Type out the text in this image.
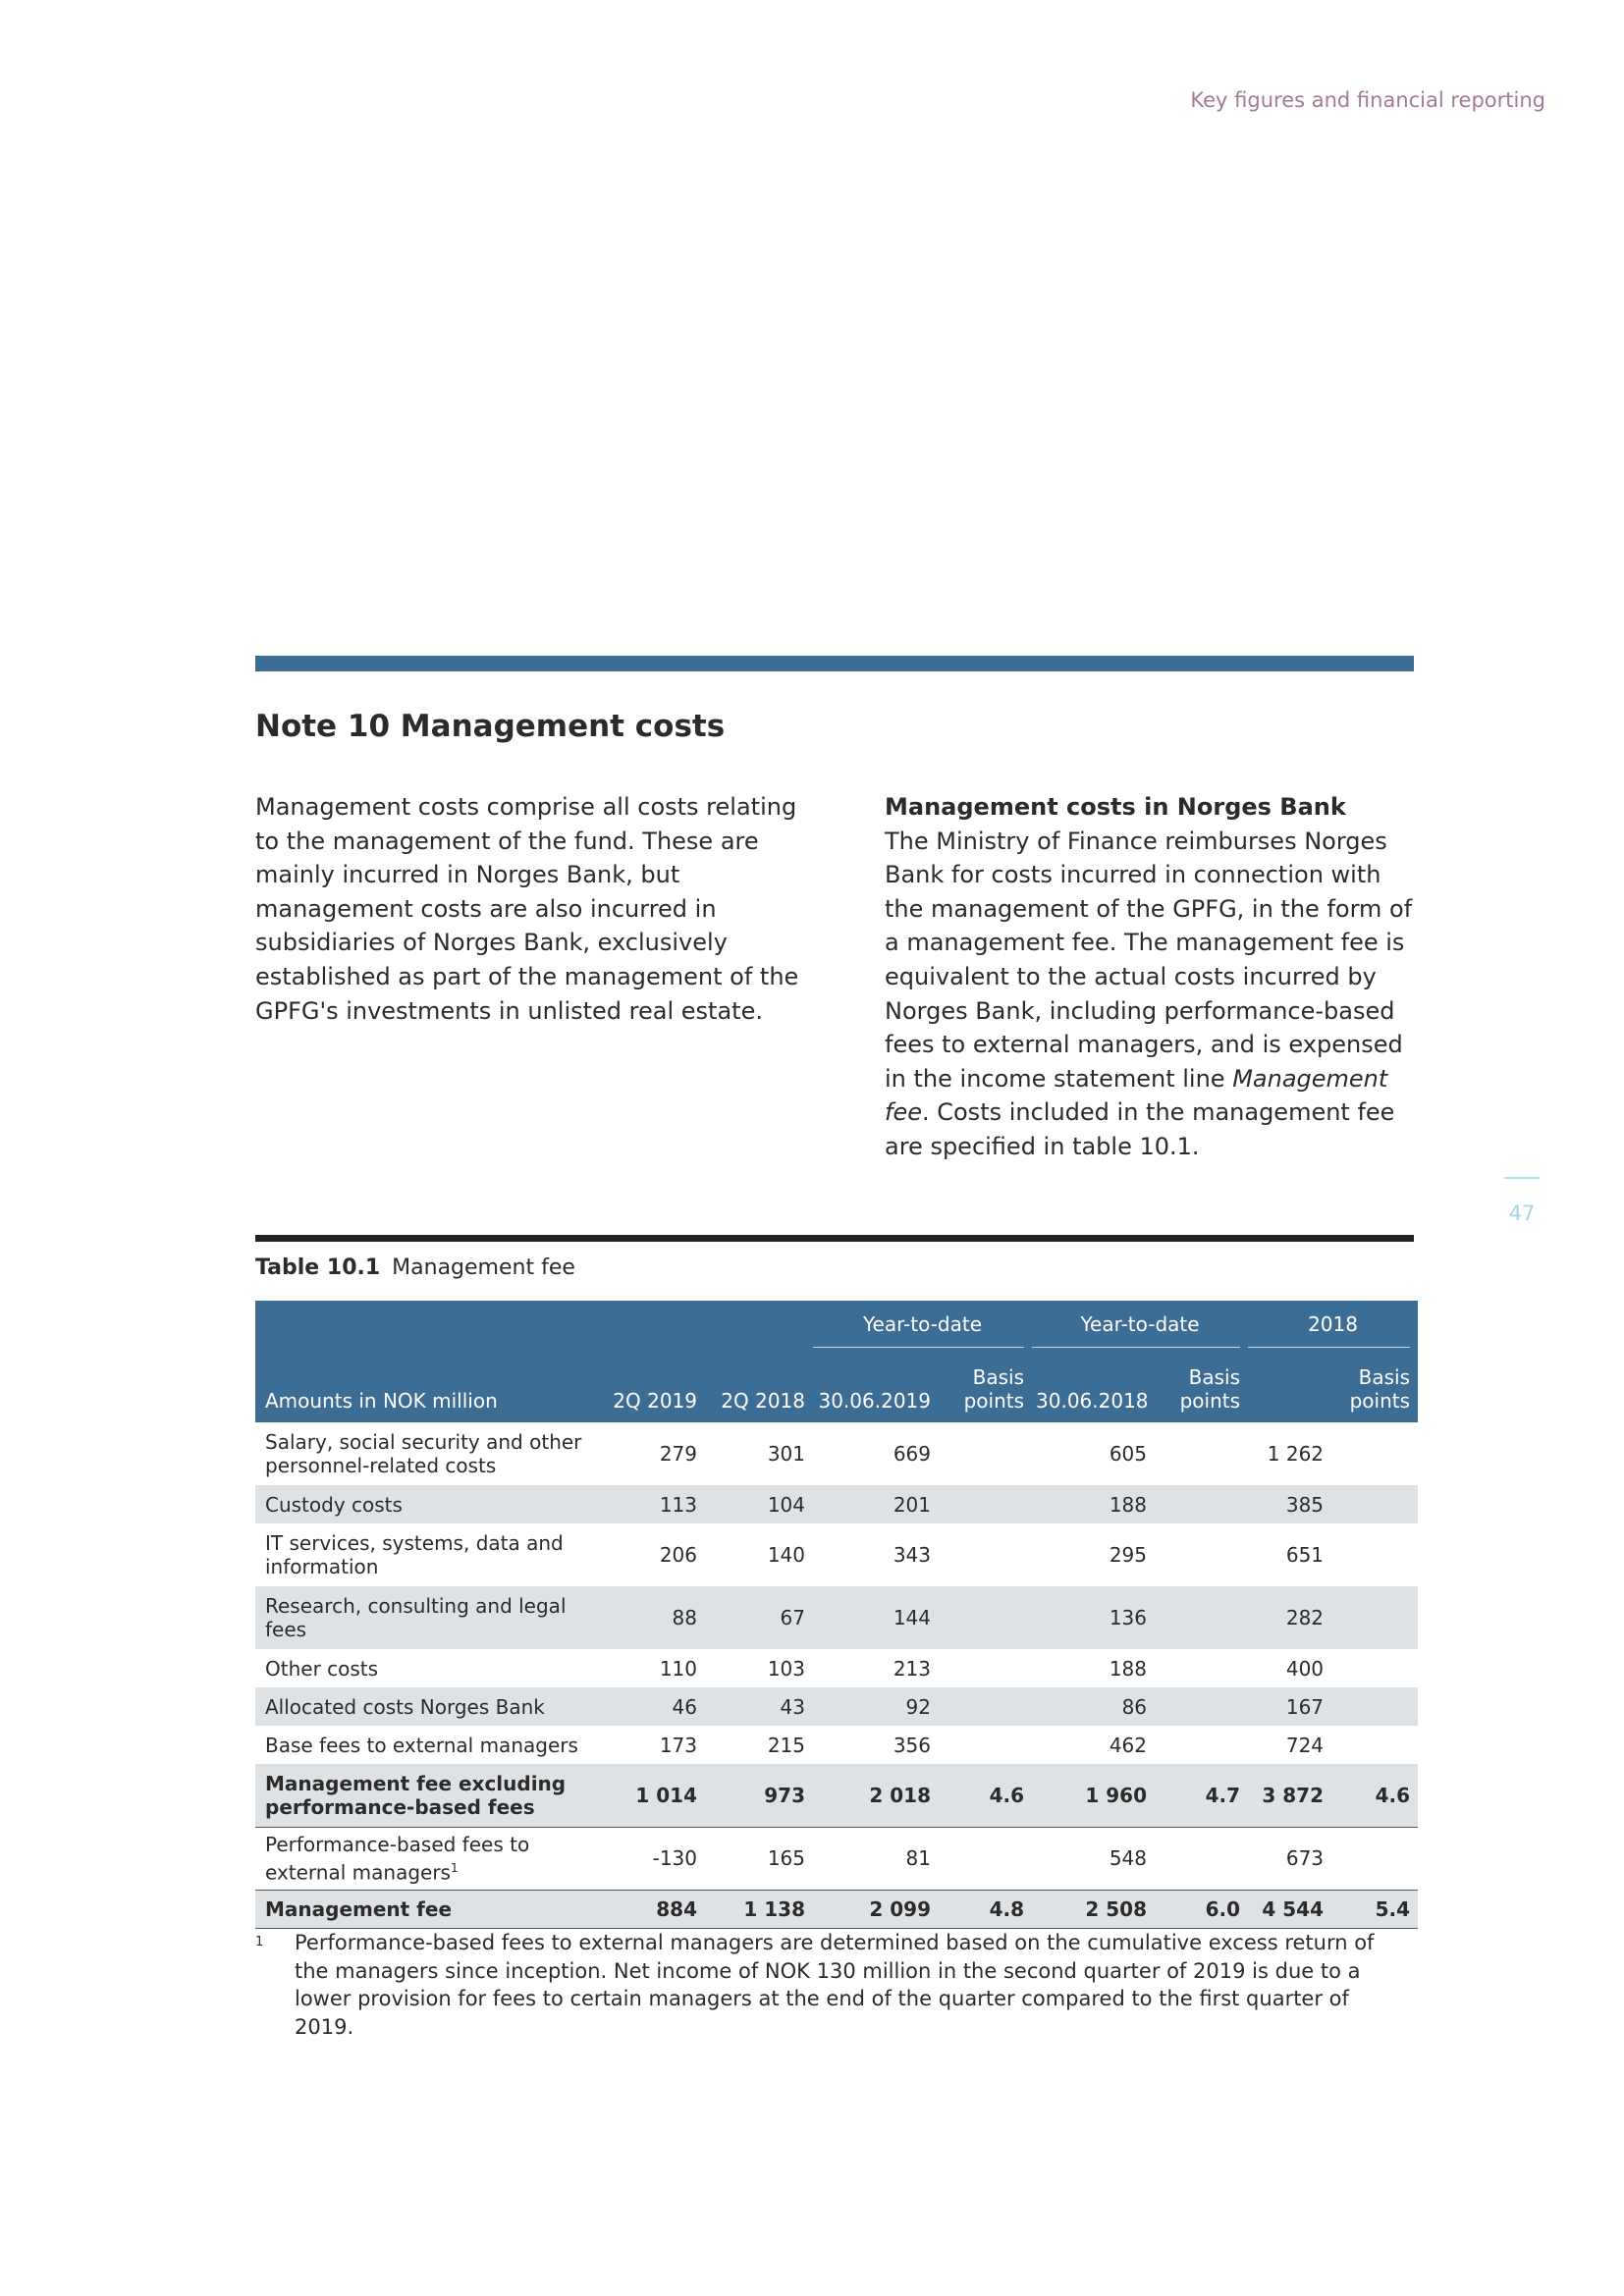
Key figures and financial reporting
47
Note 10 Management costs

Management costs comprise all costs relating to the management of the fund. These are mainly incurred in Norges Bank, but management costs are also incurred in subsidiaries of Norges Bank, exclusively established as part of the management of the GPFG's investments in unlisted real estate.

Management costs in Norges Bank

The Ministry of Finance reimburses Norges Bank for costs incurred in connection with the management of the GPFG, in the form of a management fee. The management fee is equivalent to the actual costs incurred by Norges Bank, including performance-based fees to external managers, and is expensed in the income statement line Management fee. Costs included in the management fee are specified in table 10.1.

Table 10.1 Management fee
			Year-to-date		Year-to-date		2018	

Amounts in NOK million	2Q 2019	2Q 2018	30.06.2019	Basis points	30.06.2018	Basis points		Basis points
Salary, social security and other personnel-related costs	279	301	669		605		1 262	
Custody costs	113	104	201		188		385	
IT services, systems, data and information	206	140	343		295		651	
Research, consulting and legal fees	88	67	144		136		282	
Other costs	110	103	213		188		400	
Allocated costs Norges Bank	46	43	92		86		167	
Base fees to external managers	173	215	356		462		724	
Management fee excluding performance-based fees	1 014	973	2 018	4.6	1 960	4.7	3 872	4.6
Performance-based fees to external managers$^1$	-130	165	81		548		673	
Management fee	884	1 138	2 099	4.8	2 508	6.0	4 544	5.4
1 Performance-based fees to external managers are determined based on the cumulative excess return of the managers since inception. Net income of NOK 130 million in the second quarter of 2019 is due to a lower provision for fees to certain managers at the end of the quarter compared to the first quarter of 2019.
